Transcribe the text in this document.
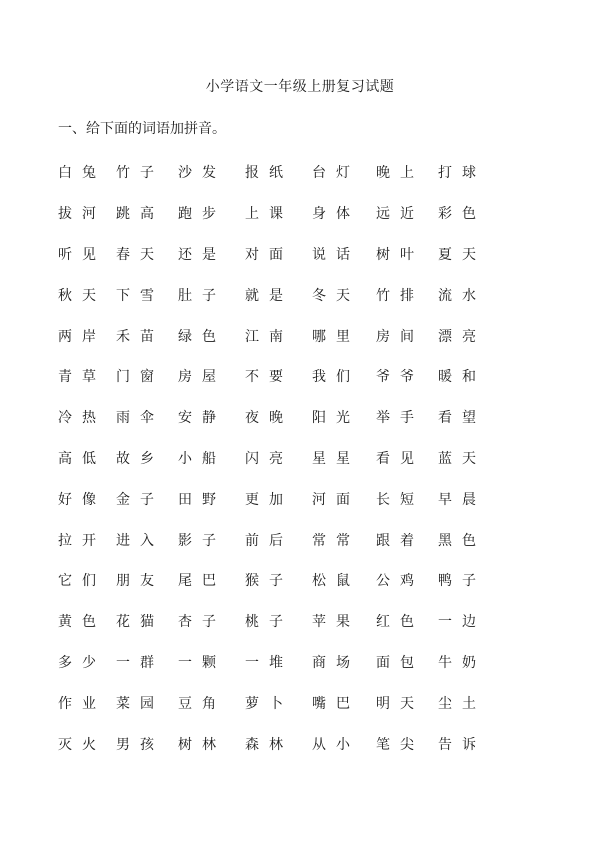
小学语文一年级上册复习试题
一、给下面的词语加拼音。
白 兔 竹 子 沙 发 报 纸 台 灯 晚 上 打 球
拔 河 跳 高 跑 步 上 课 身 体 远 近 彩 色
听 见 春 天 还 是 对 面 说 话 树 叶 夏 天
秋 天 下 雪 肚 子 就 是 冬 天 竹 排 流 水
两 岸 禾 苗 绿 色 江 南 哪 里 房 间 漂 亮
青 草 门 窗 房 屋 不 要 我 们 爷 爷 暖 和
冷 热 雨 伞 安 静 夜 晚 阳 光 举 手 看 望
高 低 故 乡 小 船 闪 亮 星 星 看 见 蓝 天
好 像 金 子 田 野 更 加 河 面 长 短 早 晨
拉 开 进 入 影 子 前 后 常 常 跟 着 黑 色
它 们 朋 友 尾 巴 猴 子 松 鼠 公 鸡 鸭 子
黄 色 花 猫 杏 子 桃 子 苹 果 红 色 一 边
多 少 一 群 一 颗 一 堆 商 场 面 包 牛 奶
作 业 菜 园 豆 角 萝 卜 嘴 巴 明 天 尘 土
灭 火 男 孩 树 林 森 林 从 小 笔 尖 告 诉
